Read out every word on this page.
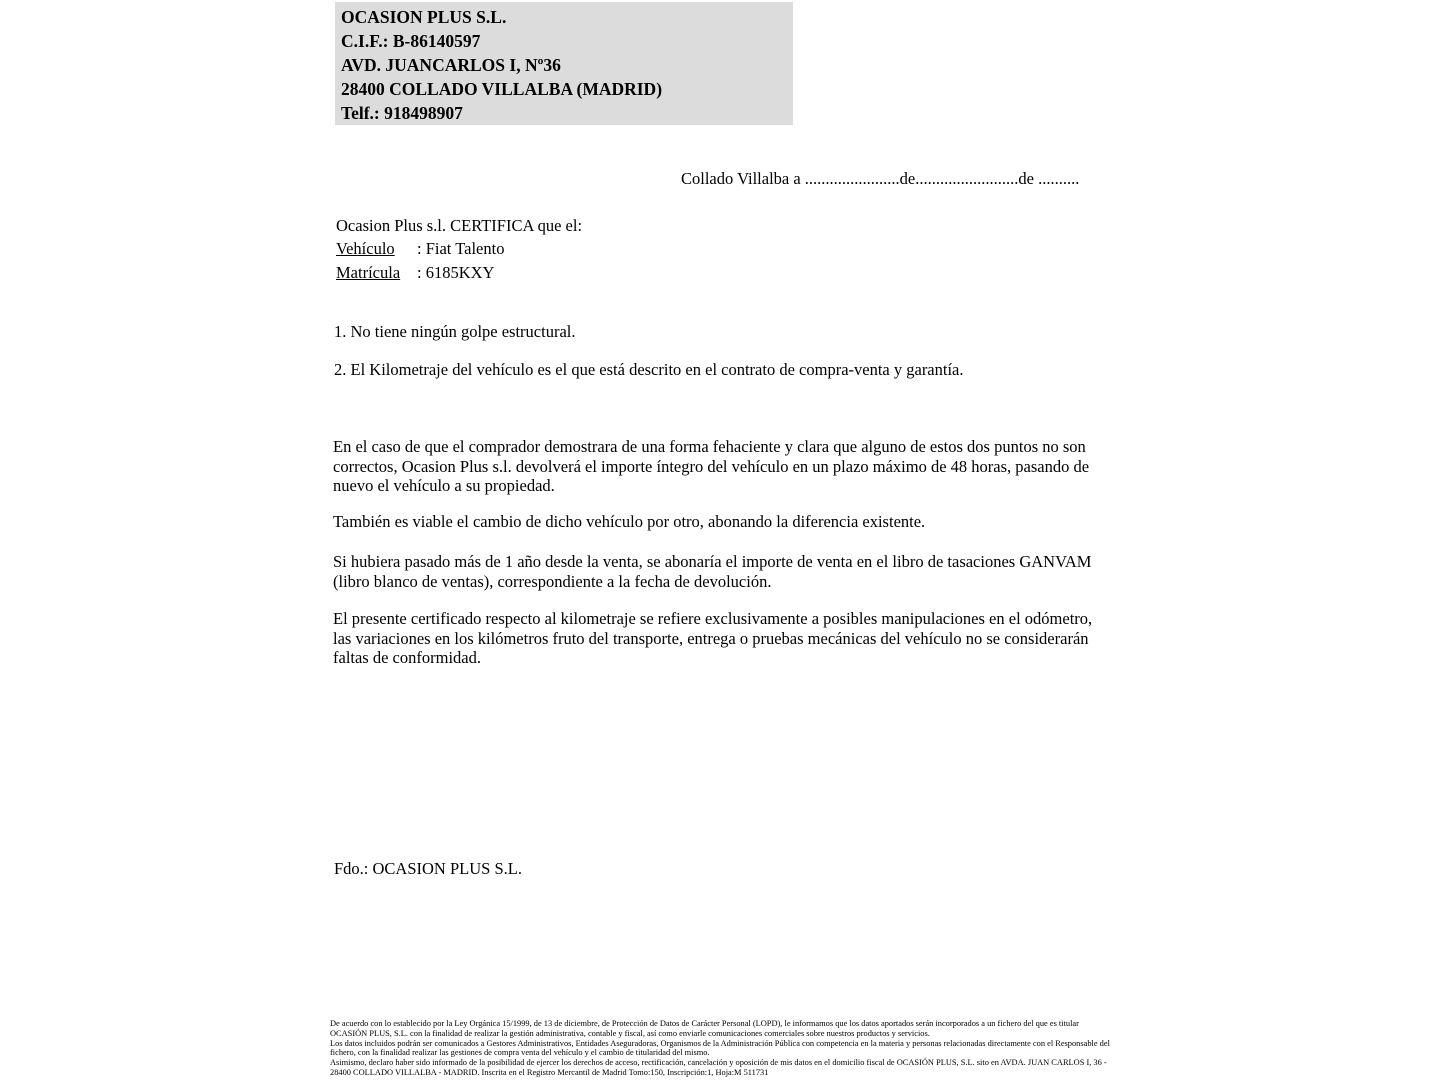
OCASION PLUS S.L.
C.I.F.: B-86140597
AVD. JUANCARLOS I, Nº36
28400 COLLADO VILLALBA (MADRID)
Telf.: 918498907
Collado Villalba a .......................de.........................de ..........
Ocasion Plus s.l. CERTIFICA que el:
Vehículo : Fiat Talento
Matrícula : 6185KXY
1. No tiene ningún golpe estructural.
2. El Kilometraje del vehículo es el que está descrito en el contrato de compra-venta y garantía.
En el caso de que el comprador demostrara de una forma fehaciente y clara que alguno de estos dos puntos no son correctos, Ocasion Plus s.l. devolverá el importe íntegro del vehículo en un plazo máximo de 48 horas, pasando de nuevo el vehículo a su propiedad.
También es viable el cambio de dicho vehículo por otro, abonando la diferencia existente.
Si hubiera pasado más de 1 año desde la venta, se abonaría el importe de venta en el libro de tasaciones GANVAM (libro blanco de ventas), correspondiente a la fecha de devolución.
El presente certificado respecto al kilometraje se refiere exclusivamente a posibles manipulaciones en el odómetro, las variaciones en los kilómetros fruto del transporte, entrega o pruebas mecánicas del vehículo no se considerarán faltas de conformidad.
Fdo.: OCASION PLUS S.L.

De acuerdo con lo establecido por la Ley Orgánica 15/1999, de 13 de diciembre, de Protección de Datos de Carácter Personal (LOPD), le informamos que los datos aportados serán incorporados a un fichero del que es titular OCASIÓN PLUS, S.L. con la finalidad de realizar la gestión administrativa, contable y fiscal, así como enviarle comunicaciones comerciales sobre nuestros productos y servicios.

Los datos incluidos podrán ser comunicados a Gestores Administrativos, Entidades Aseguradoras, Organismos de la Administración Pública con competencia en la materia y personas relacionadas directamente con el Responsable del fichero, con la finalidad realizar las gestiones de compra venta del vehículo y el cambio de titularidad del mismo.

Asimismo, declaro haber sido informado de la posibilidad de ejercer los derechos de acceso, rectificación, cancelación y oposición de mis datos en el domicilio fiscal de OCASIÓN PLUS, S.L. sito en AVDA. JUAN CARLOS I, 36 - 28400 COLLADO VILLALBA - MADRID. Inscrita en el Registro Mercantil de Madrid Tomo:150, Inscripción:1, Hoja:M 511731
